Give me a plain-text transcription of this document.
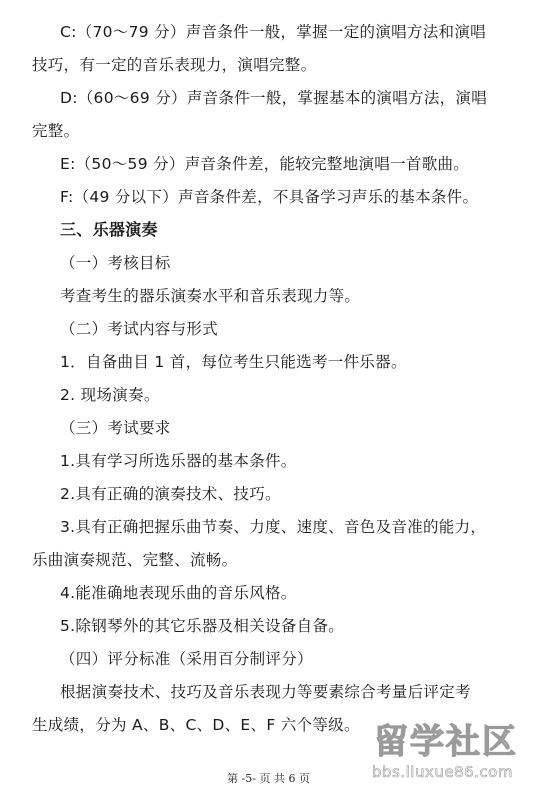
C:（70～79 分）声音条件一般，掌握一定的演唱方法和演唱
技巧，有一定的音乐表现力，演唱完整。
D:（60～69 分）声音条件一般，掌握基本的演唱方法，演唱
完整。
E:（50～59 分）声音条件差，能较完整地演唱一首歌曲。
F:（49 分以下）声音条件差，不具备学习声乐的基本条件。
三、乐器演奏
（一）考核目标
考查考生的器乐演奏水平和音乐表现力等。
（二）考试内容与形式
1．自备曲目 1 首，每位考生只能选考一件乐器。
2. 现场演奏。
（三）考试要求
1.具有学习所选乐器的基本条件。
2.具有正确的演奏技术、技巧。
3.具有正确把握乐曲节奏、力度、速度、音色及音准的能力，
乐曲演奏规范、完整、流畅。
4.能准确地表现乐曲的音乐风格。
5.除钢琴外的其它乐器及相关设备自备。
（四）评分标准（采用百分制评分）
根据演奏技术、技巧及音乐表现力等要素综合考量后评定考
生成绩，分为 A、B、C、D、E、F 六个等级。
第 -5- 页 共 6 页
留学社区
bbs.liuxue86.com
